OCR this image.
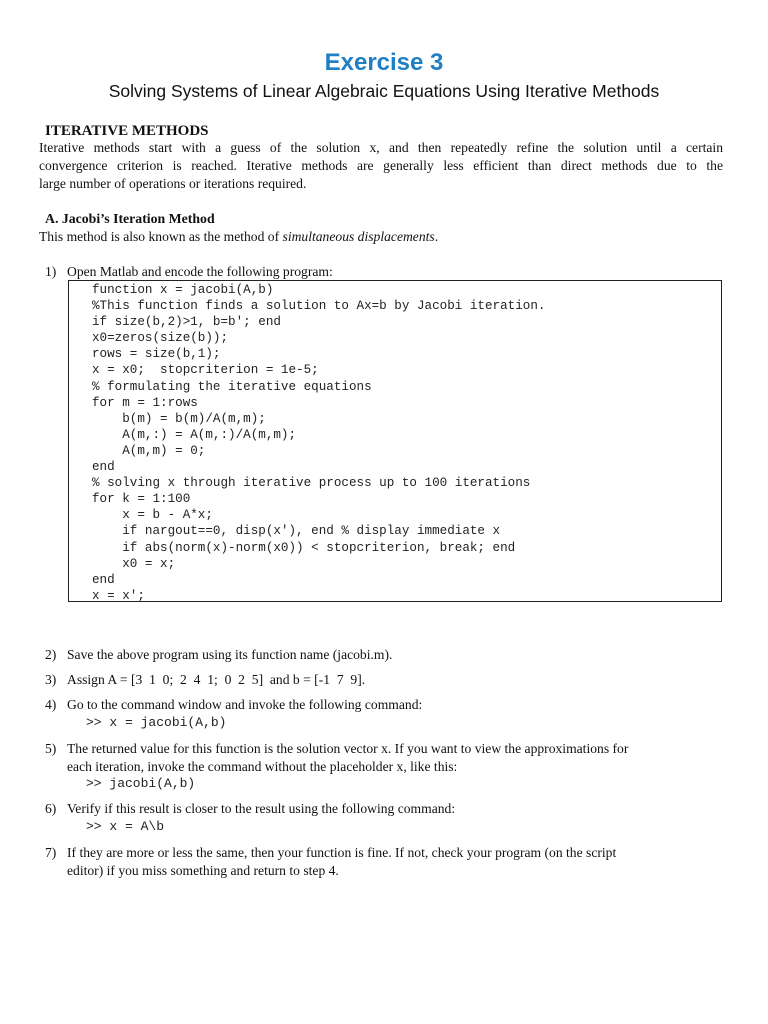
Exercise 3
Solving Systems of Linear Algebraic Equations Using Iterative Methods
ITERATIVE METHODS
Iterative methods start with a guess of the solution x, and then repeatedly refine the solution until a certain
convergence criterion is reached. Iterative methods are generally less efficient than direct methods due to the
large number of operations or iterations required.
A. Jacobi’s Iteration Method
This method is also known as the method of simultaneous displacements.
1) Open Matlab and encode the following program:
function x = jacobi(A,b)
%This function finds a solution to Ax=b by Jacobi iteration.
if size(b,2)>1, b=b'; end
x0=zeros(size(b));
rows = size(b,1);
x = x0;  stopcriterion = 1e-5;
% formulating the iterative equations
for m = 1:rows
b(m) = b(m)/A(m,m);
A(m,:) = A(m,:)/A(m,m);
A(m,m) = 0;
end
% solving x through iterative process up to 100 iterations
for k = 1:100
x = b - A*x;
if nargout==0, disp(x'), end % display immediate x
if abs(norm(x)-norm(x0)) < stopcriterion, break; end
x0 = x;
end
x = x';
2) Save the above program using its function name (jacobi.m).
3) Assign A = [3  1  0;  2  4  1;  0  2  5]  and b = [-1  7  9].
4) Go to the command window and invoke the following command:
>> x = jacobi(A,b)
5) The returned value for this function is the solution vector x. If you want to view the approximations for
each iteration, invoke the command without the placeholder x, like this:
>> jacobi(A,b)
6) Verify if this result is closer to the result using the following command:
>> x = A\b
7) If they are more or less the same, then your function is fine. If not, check your program (on the script
editor) if you miss something and return to step 4.
